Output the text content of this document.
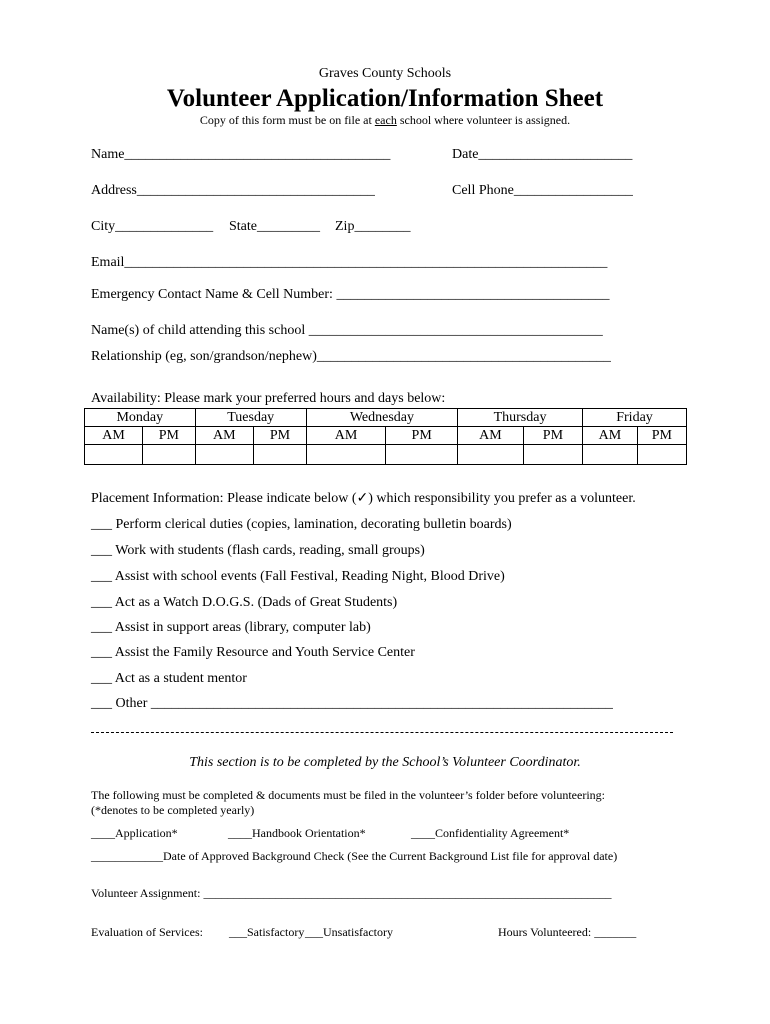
Graves County Schools
Volunteer Application/Information Sheet
Copy of this form must be on file at each school where volunteer is assigned.
Name______________________________________	Date______________________
Address__________________________________	Cell Phone_________________
City______________ State_________ Zip________
Email_____________________________________________________________________
Emergency Contact Name & Cell Number: _______________________________________
Name(s) of child attending this school __________________________________________
Relationship (eg, son/grandson/nephew)__________________________________________
Availability: Please mark your preferred hours and days below:
Monday		Tuesday		Wednesday		Thursday		Friday	
AM	PM	AM	PM	AM	PM	AM	PM	AM	PM

Placement Information: Please indicate below (✓) which responsibility you prefer as a volunteer.
___ Perform clerical duties (copies, lamination, decorating bulletin boards)
___ Work with students (flash cards, reading, small groups)
___ Assist with school events (Fall Festival, Reading Night, Blood Drive)
___ Act as a Watch D.O.G.S. (Dads of Great Students)
___ Assist in support areas (library, computer lab)
___ Assist the Family Resource and Youth Service Center
___ Act as a student mentor
___ Other __________________________________________________________________
This section is to be completed by the School’s Volunteer Coordinator.
The following must be completed & documents must be filed in the volunteer’s folder before volunteering:
(*denotes to be completed yearly)
____Application*	____Handbook Orientation*	____Confidentiality Agreement*
____________Date of Approved Background Check (See the Current Background List file for approval date)
Volunteer Assignment: ____________________________________________________________________
Evaluation of Services: ___Satisfactory ___Unsatisfactory	Hours Volunteered: _______
